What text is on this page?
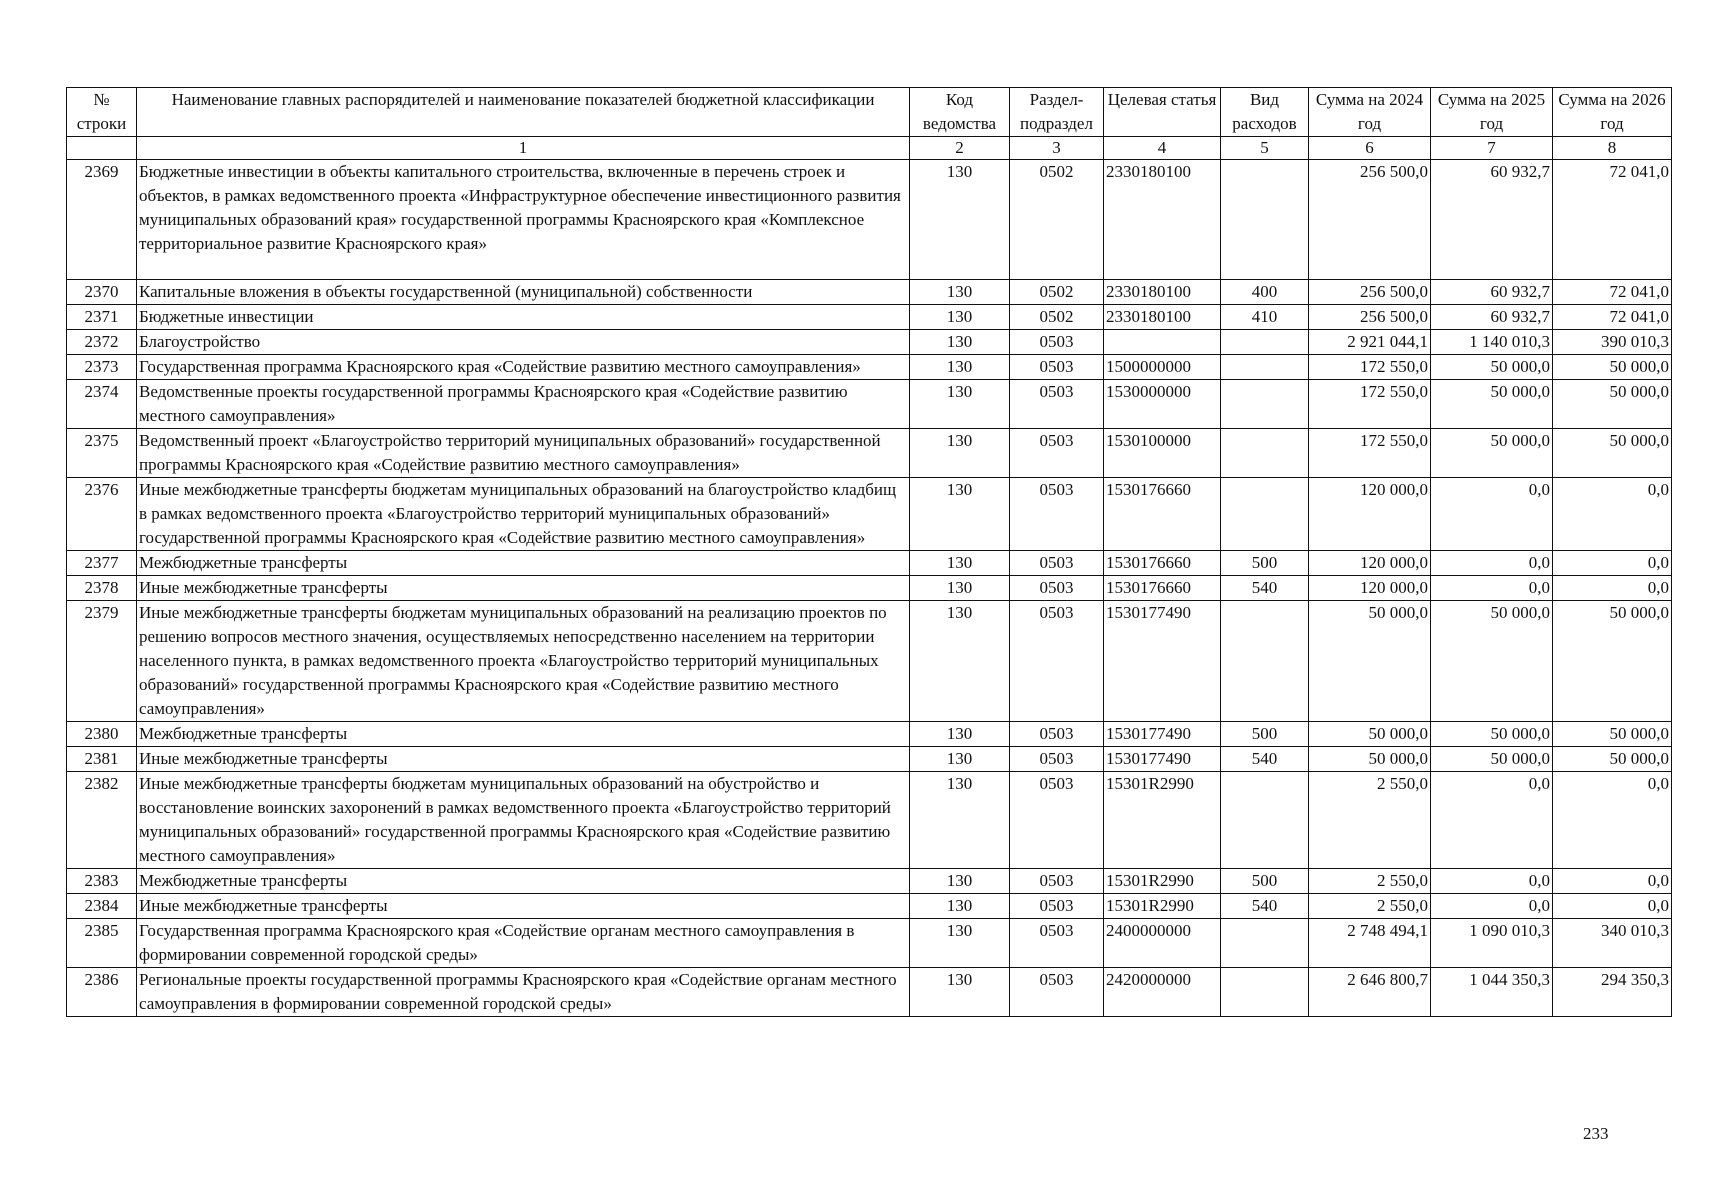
№ строки	Наименование главных распорядителей и наименование показателей бюджетной классификации	Код ведомства	Раздел- подраздел	Целевая статья	Вид расходов	Сумма на 2024 год	Сумма на 2025 год	Сумма на 2026 год
	1	2	3	4	5	6	7	8
2369	Бюджетные инвестиции в объекты капитального строительства, включенные в перечень строек и объектов, в рамках ведомственного проекта «Инфраструктурное обеспечение инвестиционного развития муниципальных образований края» государственной программы Красноярского края «Комплексное территориальное развитие Красноярского края»	130	0502	2330180100		256 500,0	60 932,7	72 041,0
2370	Капитальные вложения в объекты государственной (муниципальной) собственности	130	0502	2330180100	400	256 500,0	60 932,7	72 041,0
2371	Бюджетные инвестиции	130	0502	2330180100	410	256 500,0	60 932,7	72 041,0
2372	Благоустройство	130	0503			2 921 044,1	1 140 010,3	390 010,3
2373	Государственная программа Красноярского края «Содействие развитию местного самоуправления»	130	0503	1500000000		172 550,0	50 000,0	50 000,0
2374	Ведомственные проекты государственной программы Красноярского края «Содействие развитию местного самоуправления»	130	0503	1530000000		172 550,0	50 000,0	50 000,0
2375	Ведомственный проект «Благоустройство территорий муниципальных образований» государственной программы Красноярского края «Содействие развитию местного самоуправления»	130	0503	1530100000		172 550,0	50 000,0	50 000,0
2376	Иные межбюджетные трансферты бюджетам муниципальных образований на благоустройство кладбищ в рамках ведомственного проекта «Благоустройство территорий муниципальных образований» государственной программы Красноярского края «Содействие развитию местного самоуправления»	130	0503	1530176660		120 000,0	0,0	0,0
2377	Межбюджетные трансферты	130	0503	1530176660	500	120 000,0	0,0	0,0
2378	Иные межбюджетные трансферты	130	0503	1530176660	540	120 000,0	0,0	0,0
2379	Иные межбюджетные трансферты бюджетам муниципальных образований на реализацию проектов по решению вопросов местного значения, осуществляемых непосредственно населением на территории населенного пункта, в рамках ведомственного проекта «Благоустройство территорий муниципальных образований» государственной программы Красноярского края «Содействие развитию местного самоуправления»	130	0503	1530177490		50 000,0	50 000,0	50 000,0
2380	Межбюджетные трансферты	130	0503	1530177490	500	50 000,0	50 000,0	50 000,0
2381	Иные межбюджетные трансферты	130	0503	1530177490	540	50 000,0	50 000,0	50 000,0
2382	Иные межбюджетные трансферты бюджетам муниципальных образований на обустройство и восстановление воинских захоронений в рамках ведомственного проекта «Благоустройство территорий муниципальных образований» государственной программы Красноярского края «Содействие развитию местного самоуправления»	130	0503	15301R2990		2 550,0	0,0	0,0
2383	Межбюджетные трансферты	130	0503	15301R2990	500	2 550,0	0,0	0,0
2384	Иные межбюджетные трансферты	130	0503	15301R2990	540	2 550,0	0,0	0,0
2385	Государственная программа Красноярского края «Содействие органам местного самоуправления в формировании современной городской среды»	130	0503	2400000000		2 748 494,1	1 090 010,3	340 010,3
2386	Региональные проекты государственной программы Красноярского края «Содействие органам местного самоуправления в формировании современной городской среды»	130	0503	2420000000		2 646 800,7	1 044 350,3	294 350,3
233
